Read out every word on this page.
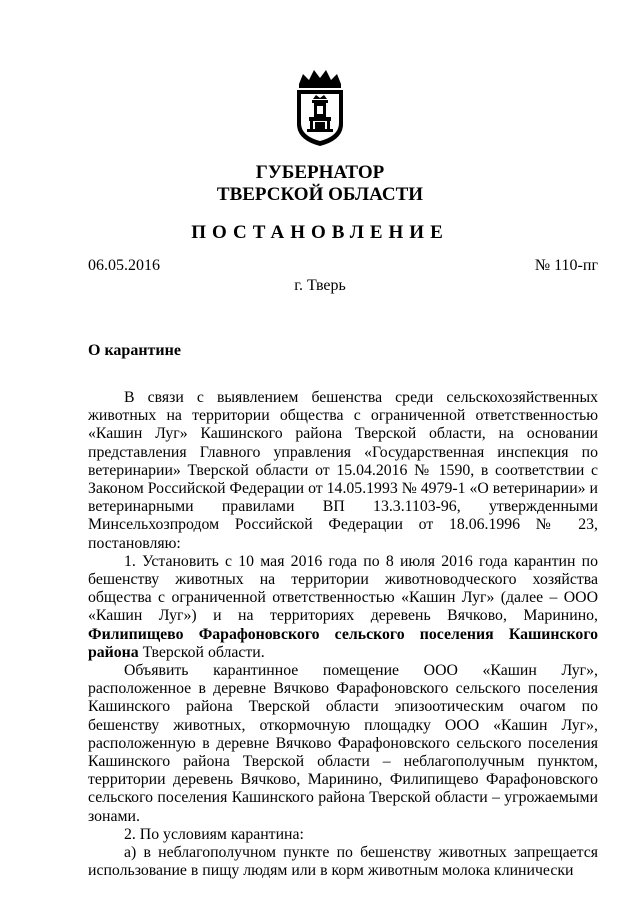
ГУБЕРНАТОР
ТВЕРСКОЙ ОБЛАСТИ
ПОСТАНОВЛЕНИЕ
06.05.2016	№ 110-пг
г. Тверь
О карантине

В связи с выявлением бешенства среди сельскохозяйственных животных на территории общества с ограниченной ответственностью «Кашин Луг» Кашинского района Тверской области, на основании представления Главного управления «Государственная инспекция по ветеринарии» Тверской области от 15.04.2016 № 1590, в соответствии с Законом Российской Федерации от 14.05.1993 № 4979-1 «О ветеринарии» и ветеринарными правилами ВП 13.3.1103-96, утвержденными Минсельхозпродом Российской Федерации от 18.06.1996 № 23, постановляю:

1. Установить с 10 мая 2016 года по 8 июля 2016 года карантин по бешенству животных на территории животноводческого хозяйства общества с ограниченной ответственностью «Кашин Луг» (далее – ООО «Кашин Луг») и на территориях деревень Вячково, Маринино, Филипищево Фарафоновского сельского поселения Кашинского района Тверской области.

Объявить карантинное помещение ООО «Кашин Луг», расположенное в деревне Вячково Фарафоновского сельского поселения Кашинского района Тверской области эпизоотическим очагом по бешенству животных, откормочную площадку ООО «Кашин Луг», расположенную в деревне Вячково Фарафоновского сельского поселения Кашинского района Тверской области – неблагополучным пунктом, территории деревень Вячково, Маринино, Филипищево Фарафоновского сельского поселения Кашинского района Тверской области – угрожаемыми зонами.

2. По условиям карантина:

а) в неблагополучном пункте по бешенству животных запрещается использование в пищу людям или в корм животным молока клинически
